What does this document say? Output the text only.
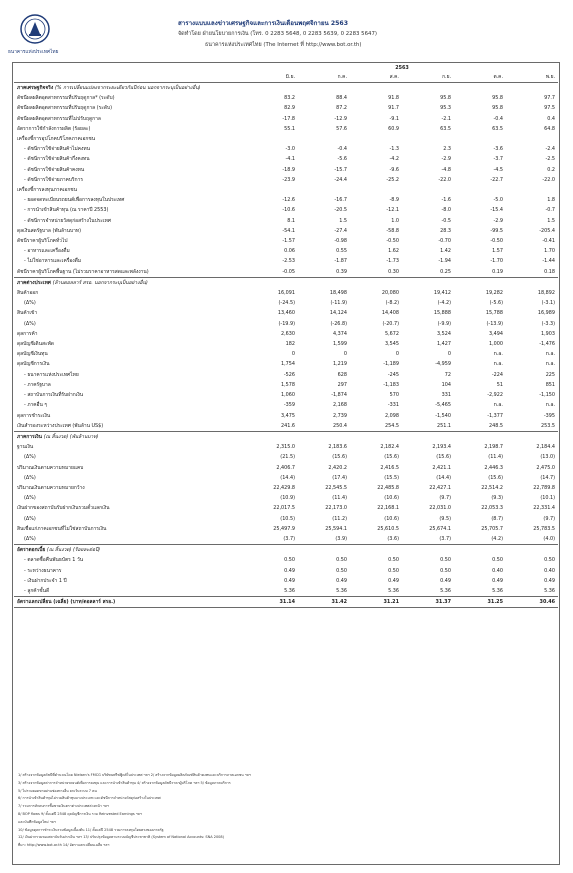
ธนาคารแห่งประเทศไทย
สารางแบบแลงข่าวเศรษฐกิจและการเงินเดือนพฤศจิกายน 2563
จัดทำโดย ฝ่ายนโยบายการเงิน (โทร. 0 2283 5648, 0 2283 5639, 0 2283 5647)
ธนาคารแห่งประเทศไทย (The Internet ที่ http://www.bot.or.th)
	2563					
	มิ.ย.	ก.ค.	ส.ค.	ก.ย.	ต.ค.	พ.ย.
ภาคเศรษฐกิจจริง (% การเปลี่ยนแปลงจากระยะเดียวกันปีก่อน นอกจากระบุเป็นอย่างอื่น)						
ดัชนีผลผลิตอุตสาหกรรมที่ปรับฤดูกาล* (ระดับ)	83.2	88.4	91.8	95.8	95.8	97.7
ดัชนีผลผลิตอุตสาหกรรมที่ปรับฤดูกาล (ระดับ)	82.9	87.2	91.7	95.3	95.8	97.5
ดัชนีผลผลิตอุตสาหกรรมที่ไม่ปรับฤดูกาล	-17.8	-12.9	-9.1	-2.1	-0.4	0.4
อัตราการใช้กำลังการผลิต (ร้อยละ)	55.1	57.6	60.9	63.5	63.5	64.8
เครื่องชี้การอุปโภคบริโภคภาคเอกชน						
- ดัชนีการใช้จ่ายสินค้าไม่คงทน	-3.0	-0.4	-1.3	2.3	-3.6	-2.4
- ดัชนีการใช้จ่ายสินค้ากึ่งคงทน	-4.1	-5.6	-4.2	-2.9	-3.7	-2.5
- ดัชนีการใช้จ่ายสินค้าคงทน	-18.9	-15.7	-9.6	-4.8	-4.5	0.2
- ดัชนีการใช้จ่ายภาคบริการ	-23.9	-24.4	-25.2	-22.0	-22.7	-22.0
เครื่องชี้การลงทุนภาคเอกชน						
- ยอดจดทะเบียนรถยนต์เพื่อการลงทุนในประเทศ	-12.6	-16.7	-8.9	-1.6	-5.0	1.8
- การนำเข้าสินค้าทุน (ณ ราคาปี 2553)	-10.6	-20.5	-12.1	-8.0	-15.4	-0.7
- ดัชนีการจำหน่ายวัสดุก่อสร้างในประเทศ	8.1	1.5	1.0	-0.5	-2.9	1.5
ดุลเงินสดรัฐบาล (พันล้านบาท)	-54.1	-27.4	-58.8	28.3	-99.5	-205.4
ดัชนีราคาผู้บริโภคทั่วไป	-1.57	-0.98	-0.50	-0.70	-0.50	-0.41
- อาหารและเครื่องดื่ม	0.06	0.55	1.62	1.42	1.57	1.70
- ไม่ใช่อาหารและเครื่องดื่ม	-2.53	-1.87	-1.73	-1.94	-1.70	-1.44
ดัชนีราคาผู้บริโภคพื้นฐาน (ไม่รวมราคาอาหารสดและพลังงาน)	-0.05	0.39	0.30	0.25	0.19	0.18
ภาคต่างประเทศ (ล้านดอลลาร์ สรอ. นอกจากระบุเป็นอย่างอื่น)						
สินค้าออก	16,091	18,498	20,080	19,412	19,282	18,892
(Δ%)	(-24.5)	(-11.9)	(-8.2)	(-4.2)	(-5.6)	(-3.1)
สินค้าเข้า	13,460	14,124	14,408	15,888	15,788	16,989
(Δ%)	(-19.9)	(-26.8)	(-20.7)	(-9.9)	(-13.9)	(-3.3)
ดุลการค้า	2,630	4,374	5,672	3,524	3,494	1,903
ดุลบัญชีเดินสะพัด	182	1,599	3,545	1,427	1,000	-1,476
ดุลบัญชีเงินทุน	0	0	0	0	n.a.	n.a.
ดุลบัญชีการเงิน	1,754	1,219	-1,189	-4,959	n.a.	n.a.
- ธนาคารแห่งประเทศไทย	-526	628	-245	72	-224	225
- ภาครัฐบาล	1,578	297	-1,183	104	51	851
- สถาบันการเงินที่รับฝากเงิน	1,060	-1,874	570	331	-2,922	-1,150
- ภาคอื่น ๆ	-359	2,168	-331	-5,465	n.a.	n.a.
ดุลการชำระเงิน	3,475	2,739	2,098	-1,540	-1,377	-395
เงินสำรองระหว่างประเทศ (พันล้าน US$)	241.6	250.4	254.5	251.1	248.5	253.5
ภาคการเงิน (ณ สิ้นงวด) (พันล้านบาท)						
ฐานเงิน	2,315.0	2,183.6	2,182.4	2,193.4	2,198.7	2,184.4
(Δ%)	(21.5)	(15.6)	(15.6)	(15.6)	(11.4)	(13.0)
ปริมาณเงินตามความหมายแคบ	2,406.7	2,420.2	2,416.5	2,421.1	2,446.3	2,475.0
(Δ%)	(14.4)	(17.4)	(15.5)	(14.4)	(15.6)	(14.7)
ปริมาณเงินตามความหมายกว้าง	22,429.8	22,545.5	22,485.8	22,427.1	22,514.2	22,789.8
(Δ%)	(10.9)	(11.4)	(10.6)	(9.7)	(9.3)	(10.1)
เงินฝากของสถาบันรับฝากเงินรวมตั๋วแลกเงิน	22,017.5	22,173.0	22,168.1	22,031.0	22,053.3	22,331.4
(Δ%)	(10.5)	(11.2)	(10.6)	(9.5)	(8.7)	(9.7)
สินเชื่อแก่ภาคเอกชนที่ไม่ใช่สถาบันการเงิน	25,497.9	25,594.1	25,610.5	25,674.1	25,705.7	25,783.5
(Δ%)	(3.7)	(3.9)	(3.6)	(3.7)	(4.2)	(4.0)
อัตราดอกเบี้ย (ณ สิ้นงวด) (ร้อยละต่อปี)						
- ตลาดซื้อคืนพันธบัตร 1 วัน	0.50	0.50	0.50	0.50	0.50	0.50
- ระหว่างธนาคาร	0.49	0.50	0.50	0.50	0.40	0.40
- เงินฝากประจำ 1 ปี	0.49	0.49	0.49	0.49	0.49	0.49
- ลูกค้าชั้นดี	5.36	5.36	5.36	5.36	5.36	5.36
อัตราแลกเปลี่ยน (เฉลี่ย) (บาท/ดอลลาร์ สรอ.)	31.14	31.42	31.21	31.37	31.25	30.46
1/ สร้างจากข้อมูลดัชนีที่คำนวณโดย Nielsen's FMCG บริษัทนพรีฟฟู้ดส์ในประเทศ ฯลฯ 2/ สร้างจากข้อมูลผลิตภัณฑ์สินค้าคงทนและบริการภาคเอกชน ฯลฯ
3/ สร้างจากข้อมูลค่าการจำหน่ายรถยนต์เพื่อการลงทุน และการนำเข้าสินค้าทุน 4/ สร้างจากข้อมูลดัชนีราคาผู้บริโภค ฯลฯ 5/ ข้อมูลภาคบริการ
5/ ไม่รวมยอดขายผ่านช่องทางอื่น ยกเว้นระบบ 7 คน
6/ การนำเข้าสินค้าทุนไม่รวมสินค้าทุนบางประเภท และดัชนีการจำหน่ายวัสดุก่อสร้างในประเทศ
7/ รวมการหักลบการซื้อขายเงินตราต่างประเทศล่วงหน้า ฯลฯ
8/ BOP flows 9/ ตั้งแต่ปี 2548 ดุลบัญชีการเงิน รวม Reinvested Earnings ฯลฯ
และบันทึกข้อมูลใหม่ ฯลฯ
10/ ข้อมูลดุลการชำระเงินรวมข้อมูลเบื้องต้น 11/ ตั้งแต่ปี 2548 รวมการลงทุนโดยตรงของภาครัฐ
12/ เงินฝากรวมของสถาบันรับฝากเงิน ฯลฯ 13/ ปรับปรุงข้อมูลตามระบบบัญชีประชาชาติ (System of National Accounts: SNA 2008)
ที่มา: http://www.bot.or.th 14/ อัตราแลกเปลี่ยนเฉลี่ย ฯลฯ
